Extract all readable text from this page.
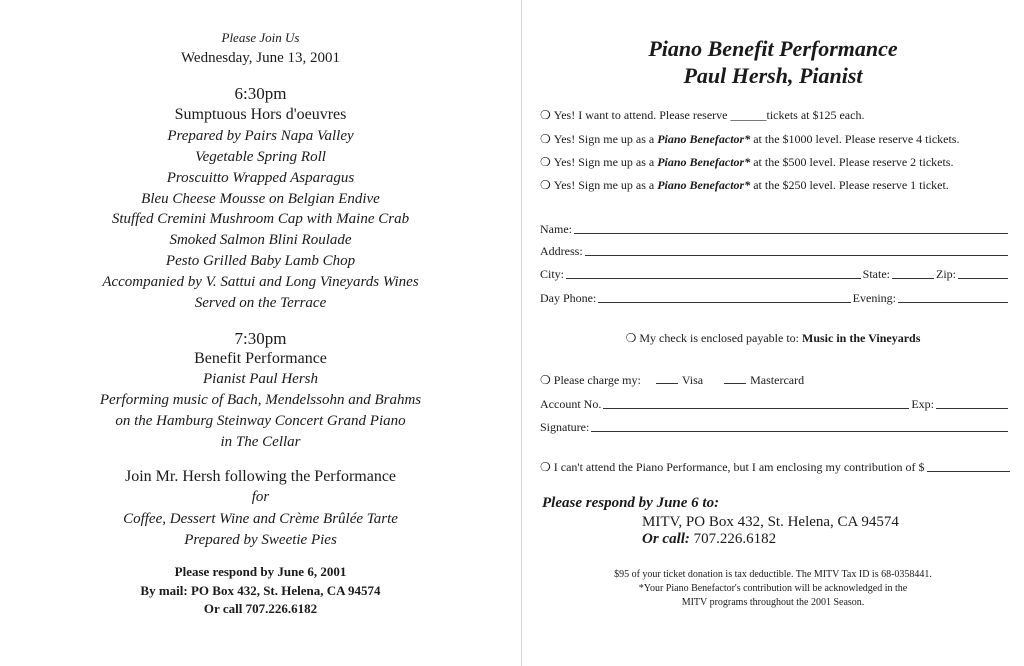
Please Join Us
Wednesday, June 13, 2001
6:30pm
Sumptuous Hors d'oeuvres
Prepared by Pairs Napa Valley
Vegetable Spring Roll
Proscuitto Wrapped Asparagus
Bleu Cheese Mousse on Belgian Endive
Stuffed Cremini Mushroom Cap with Maine Crab
Smoked Salmon Blini Roulade
Pesto Grilled Baby Lamb Chop
Accompanied by V. Sattui and Long Vineyards Wines
Served on the Terrace
7:30pm
Benefit Performance
Pianist Paul Hersh
Performing music of Bach, Mendelssohn and Brahms
on the Hamburg Steinway Concert Grand Piano
in The Cellar
Join Mr. Hersh following the Performance
for
Coffee, Dessert Wine and Crème Brûlée Tarte
Prepared by Sweetie Pies
Please respond by June 6, 2001
By mail: PO Box 432, St. Helena, CA 94574
Or call 707.226.6182
Piano Benefit Performance
Paul Hersh, Pianist
❍ Yes! I want to attend. Please reserve ______tickets at $125 each.
❍ Yes! Sign me up as a Piano Benefactor* at the $1000 level. Please reserve 4 tickets.
❍ Yes! Sign me up as a Piano Benefactor* at the $500 level. Please reserve 2 tickets.
❍ Yes! Sign me up as a Piano Benefactor* at the $250 level. Please reserve 1 ticket.
Name:
Address:
City:	State:	Zip:
Day Phone:	Evening:
❍ My check is enclosed payable to: Music in the Vineyards
❍ Please charge my:	Visa	Mastercard
Account No.	Exp:
Signature:
❍ I can't attend the Piano Performance, but I am enclosing my contribution of $
Please respond by June 6 to:
MITV, PO Box 432, St. Helena, CA 94574
Or call: 707.226.6182
$95 of your ticket donation is tax deductible. The MITV Tax ID is 68-0358441.
*Your Piano Benefactor's contribution will be acknowledged in the
MITV programs throughout the 2001 Season.
